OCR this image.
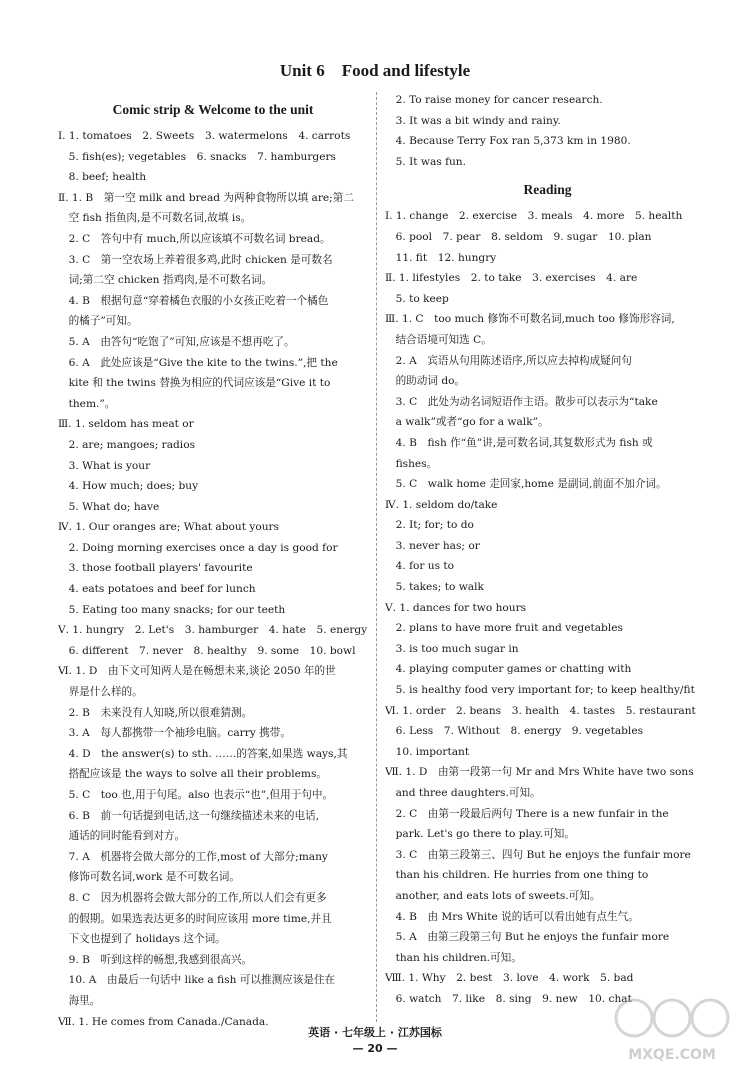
Unit 6　Food and lifestyle
Comic strip & Welcome to the unit
Ⅰ. 1. tomatoes　2. Sweets　3. watermelons　4. carrots
　5. fish(es); vegetables　6. snacks　7. hamburgers
　8. beef; health
Ⅱ. 1. B　第一空 milk and bread 为两种食物所以填 are;第二
　空 fish 指鱼肉,是不可数名词,故填 is。
　2. C　答句中有 much,所以应该填不可数名词 bread。
　3. C　第一空农场上养着很多鸡,此时 chicken 是可数名
　词;第二空 chicken 指鸡肉,是不可数名词。
　4. B　根据句意“穿着橘色衣服的小女孩正吃着一个橘色
　的橘子”可知。
　5. A　由答句“吃饱了”可知,应该是不想再吃了。
　6. A　此处应该是“Give the kite to the twins.”,把 the
　kite 和 the twins 替换为相应的代词应该是“Give it to
　them.”。
Ⅲ. 1. seldom has meat or
　2. are; mangoes; radios
　3. What is your
　4. How much; does; buy
　5. What do; have
Ⅳ. 1. Our oranges are; What about yours
　2. Doing morning exercises once a day is good for
　3. those football players' favourite
　4. eats potatoes and beef for lunch
　5. Eating too many snacks; for our teeth
Ⅴ. 1. hungry　2. Let's　3. hamburger　4. hate　5. energy
　6. different　7. never　8. healthy　9. some　10. bowl
Ⅵ. 1. D　由下文可知两人是在畅想未来,谈论 2050 年的世
　界是什么样的。
　2. B　未来没有人知晓,所以很难猜测。
　3. A　每人都携带一个袖珍电脑。carry 携带。
　4. D　the answer(s) to sth. ……的答案,如果选 ways,其
　搭配应该是 the ways to solve all their problems。
　5. C　too 也,用于句尾。also 也表示“也”,但用于句中。
　6. B　前一句话提到电话,这一句继续描述未来的电话,
　通话的同时能看到对方。
　7. A　机器将会做大部分的工作,most of 大部分;many
　修饰可数名词,work 是不可数名词。
　8. C　因为机器将会做大部分的工作,所以人们会有更多
　的假期。如果选表达更多的时间应该用 more time,并且
　下文也提到了 holidays 这个词。
　9. B　听到这样的畅想,我感到很高兴。
　10. A　由最后一句话中 like a fish 可以推测应该是住在
　海里。
Ⅶ. 1. He comes from Canada./Canada.
　2. To raise money for cancer research.
　3. It was a bit windy and rainy.
　4. Because Terry Fox ran 5,373 km in 1980.
　5. It was fun.
Reading
Ⅰ. 1. change　2. exercise　3. meals　4. more　5. health
　6. pool　7. pear　8. seldom　9. sugar　10. plan
　11. fit　12. hungry
Ⅱ. 1. lifestyles　2. to take　3. exercises　4. are
　5. to keep
Ⅲ. 1. C　too much 修饰不可数名词,much too 修饰形容词,
　结合语境可知选 C。
　2. A　宾语从句用陈述语序,所以应去掉构成疑问句
　的助动词 do。
　3. C　此处为动名词短语作主语。散步可以表示为“take
　a walk”或者“go for a walk”。
　4. B　fish 作“鱼”讲,是可数名词,其复数形式为 fish 或
　fishes。
　5. C　walk home 走回家,home 是副词,前面不加介词。
Ⅳ. 1. seldom do/take
　2. It; for; to do
　3. never has; or
　4. for us to
　5. takes; to walk
Ⅴ. 1. dances for two hours
　2. plans to have more fruit and vegetables
　3. is too much sugar in
　4. playing computer games or chatting with
　5. is healthy food very important for; to keep healthy/fit
Ⅵ. 1. order　2. beans　3. health　4. tastes　5. restaurant
　6. Less　7. Without　8. energy　9. vegetables
　10. important
Ⅶ. 1. D　由第一段第一句 Mr and Mrs White have two sons
　and three daughters.可知。
　2. C　由第一段最后两句 There is a new funfair in the
　park. Let's go there to play.可知。
　3. C　由第三段第三、四句 But he enjoys the funfair more
　than his children. He hurries from one thing to
　another, and eats lots of sweets.可知。
　4. B　由 Mrs White 说的话可以看出她有点生气。
　5. A　由第三段第三句 But he enjoys the funfair more
　than his children.可知。
Ⅷ. 1. Why　2. best　3. love　4. work　5. bad
　6. watch　7. like　8. sing　9. new　10. chat
英语 · 七年级上 · 江苏国标
— 20 —	MXQE.COM
